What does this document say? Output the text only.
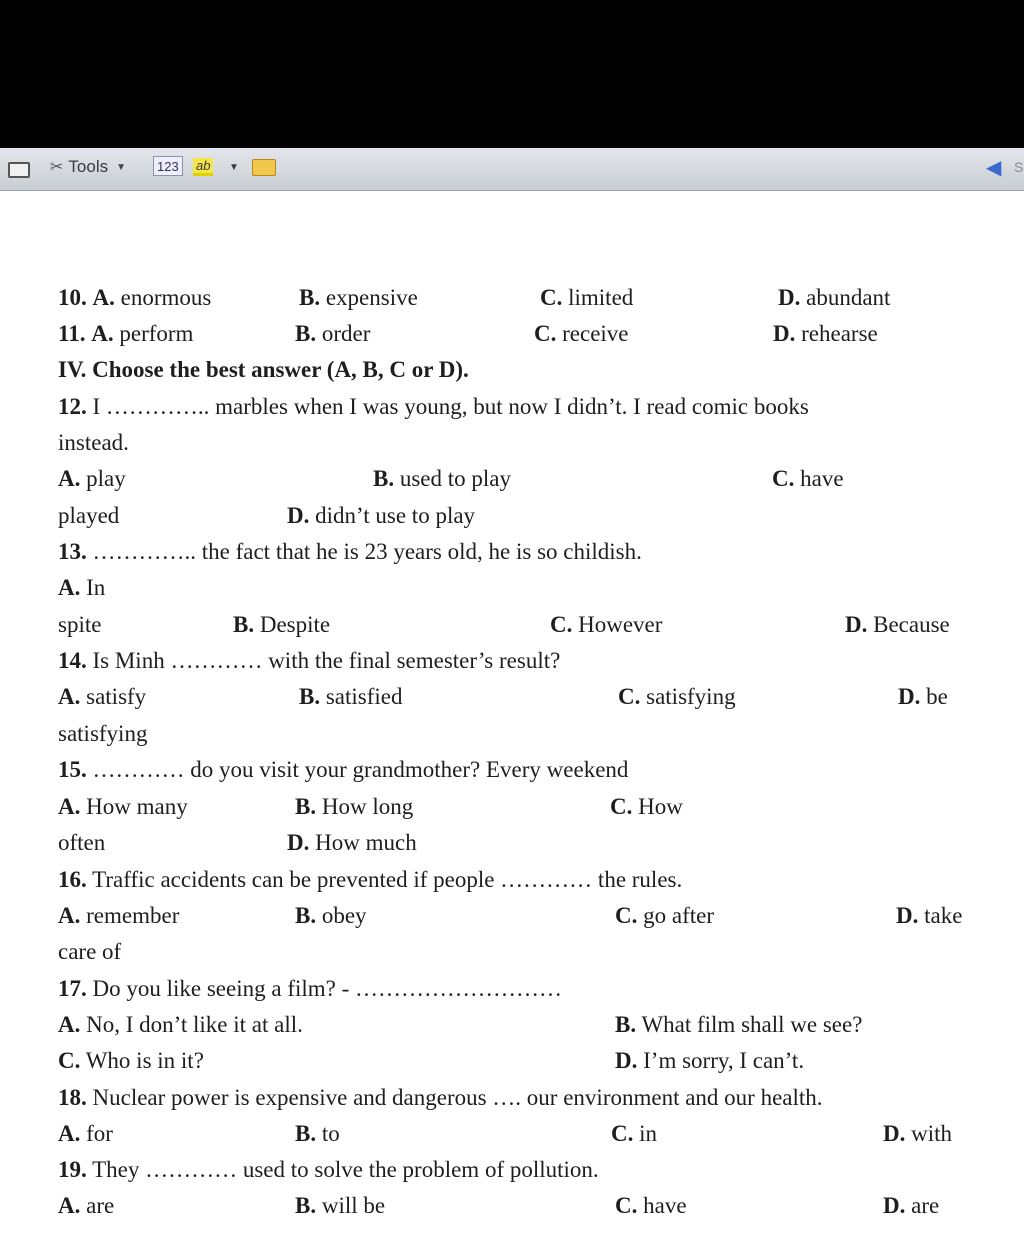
✂ Tools ▼	123	ab	▼	◀ S
10. A. enormous	B. expensive	C. limited	D. abundant
11. A. perform	B. order	C. receive	D. rehearse
IV. Choose the best answer (A, B, C or D).
12. I ………….. marbles when I was young, but now I didn’t. I read comic books
instead.
A. play	B. used to play	C. have
played	D. didn’t use to play
13. ………….. the fact that he is 23 years old, he is so childish.
A. In
spite	B. Despite	C. However	D. Because
14. Is Minh ………… with the final semester’s result?
A. satisfy	B. satisfied	C. satisfying	D. be
satisfying
15. ………… do you visit your grandmother? Every weekend
A. How many	B. How long	C. How
often	D. How much
16. Traffic accidents can be prevented if people ………… the rules.
A. remember	B. obey	C. go after	D. take
care of
17. Do you like seeing a film? - ………………………
A. No, I don’t like it at all.	B. What film shall we see?
C. Who is in it?	D. I’m sorry, I can’t.
18. Nuclear power is expensive and dangerous …. our environment and our health.
A. for	B. to	C. in	D. with
19. They ………… used to solve the problem of pollution.
A. are	B. will be	C. have	D. are
